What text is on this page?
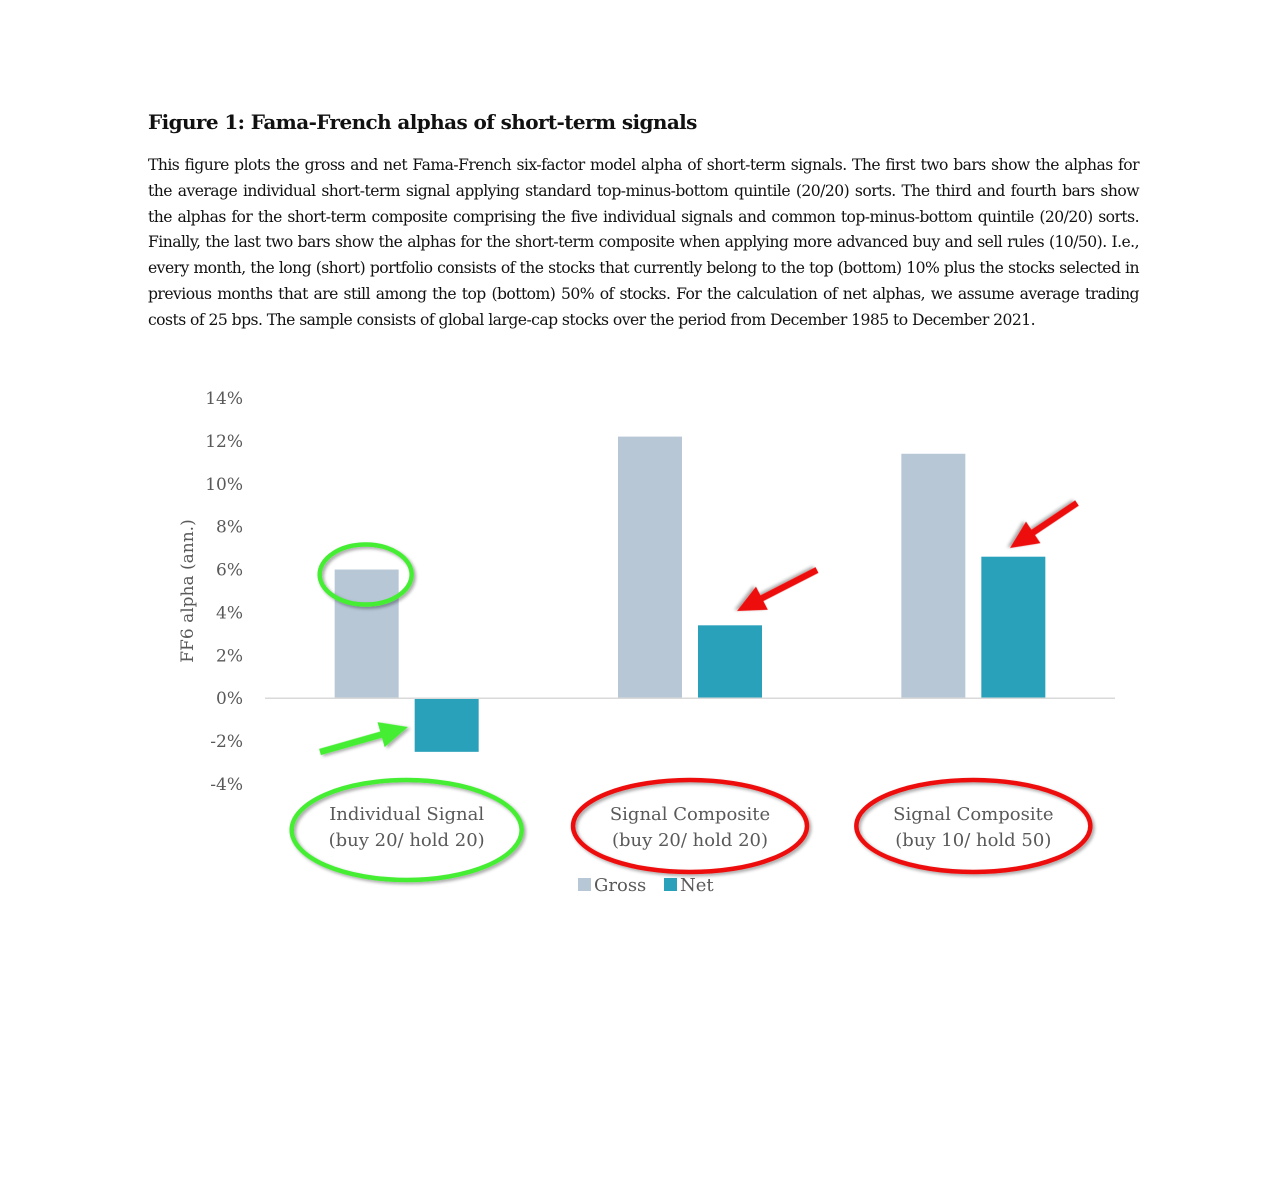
Figure 1: Fama-French alphas of short-term signals
This figure plots the gross and net Fama-French six-factor model alpha of short-term signals. The first two bars show the alphas for the average individual short-term signal applying standard top-minus-bottom quintile (20/20) sorts. The third and fourth bars show the alphas for the short-term composite comprising the five individual signals and common top-minus-bottom quintile (20/20) sorts. Finally, the last two bars show the alphas for the short-term composite when applying more advanced buy and sell rules (10/50). I.e., every month, the long (short) portfolio consists of the stocks that currently belong to the top (bottom) 10% plus the stocks selected in previous months that are still among the top (bottom) 50% of stocks. For the calculation of net alphas, we assume average trading costs of 25 bps. The sample consists of global large-cap stocks over the period from December 1985 to December 2021.
14%
12%
10%
8%
6%
4%
2%
0%
-2%
-4%
FF6 alpha (ann.)
Individual Signal
(buy 20/ hold 20)
Signal Composite
(buy 20/ hold 20)
Signal Composite
(buy 10/ hold 50)
Gross Net
